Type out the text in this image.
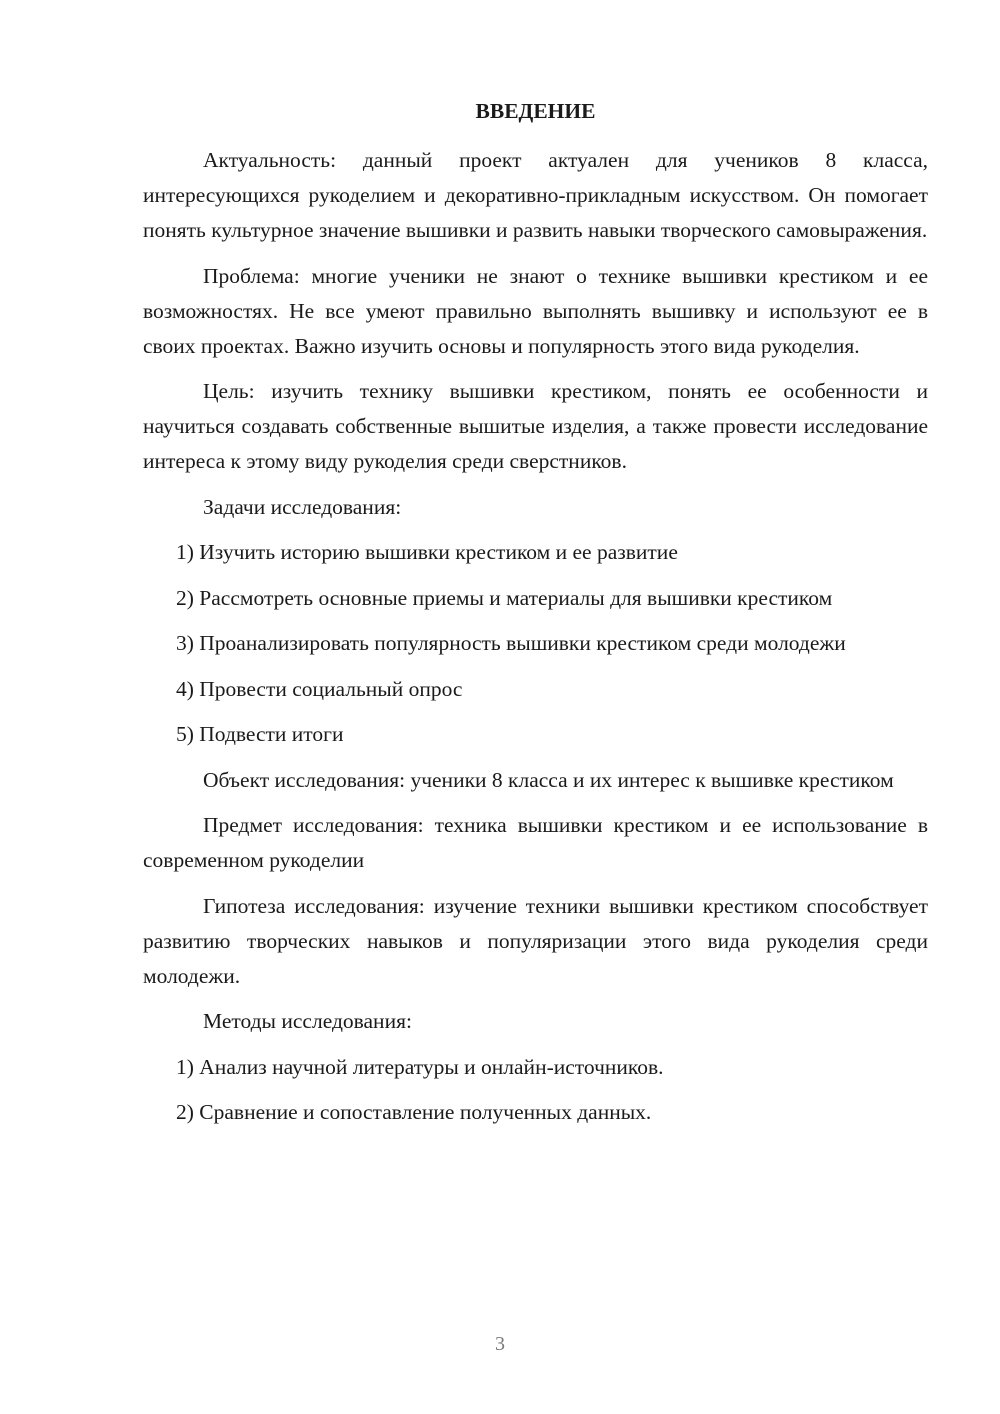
ВВЕДЕНИЕ

Актуальность: данный проект актуален для учеников 8 класса, интересующихся рукоделием и декоративно-прикладным искусством. Он помогает понять культурное значение вышивки и развить навыки творческого самовыражения.

Проблема: многие ученики не знают о технике вышивки крестиком и ее возможностях. Не все умеют правильно выполнять вышивку и используют ее в своих проектах. Важно изучить основы и популярность этого вида рукоделия.

Цель: изучить технику вышивки крестиком, понять ее особенности и научиться создавать собственные вышитые изделия, а также провести исследование интереса к этому виду рукоделия среди сверстников.

Задачи исследования:

1) Изучить историю вышивки крестиком и ее развитие

2) Рассмотреть основные приемы и материалы для вышивки крестиком

3) Проанализировать популярность вышивки крестиком среди молодежи

4) Провести социальный опрос

5) Подвести итоги

Объект исследования: ученики 8 класса и их интерес к вышивке крестиком

Предмет исследования: техника вышивки крестиком и ее использование в современном рукоделии

Гипотеза исследования: изучение техники вышивки крестиком способствует развитию творческих навыков и популяризации этого вида рукоделия среди молодежи.

Методы исследования:

1) Анализ научной литературы и онлайн-источников.

2) Сравнение и сопоставление полученных данных.

3
